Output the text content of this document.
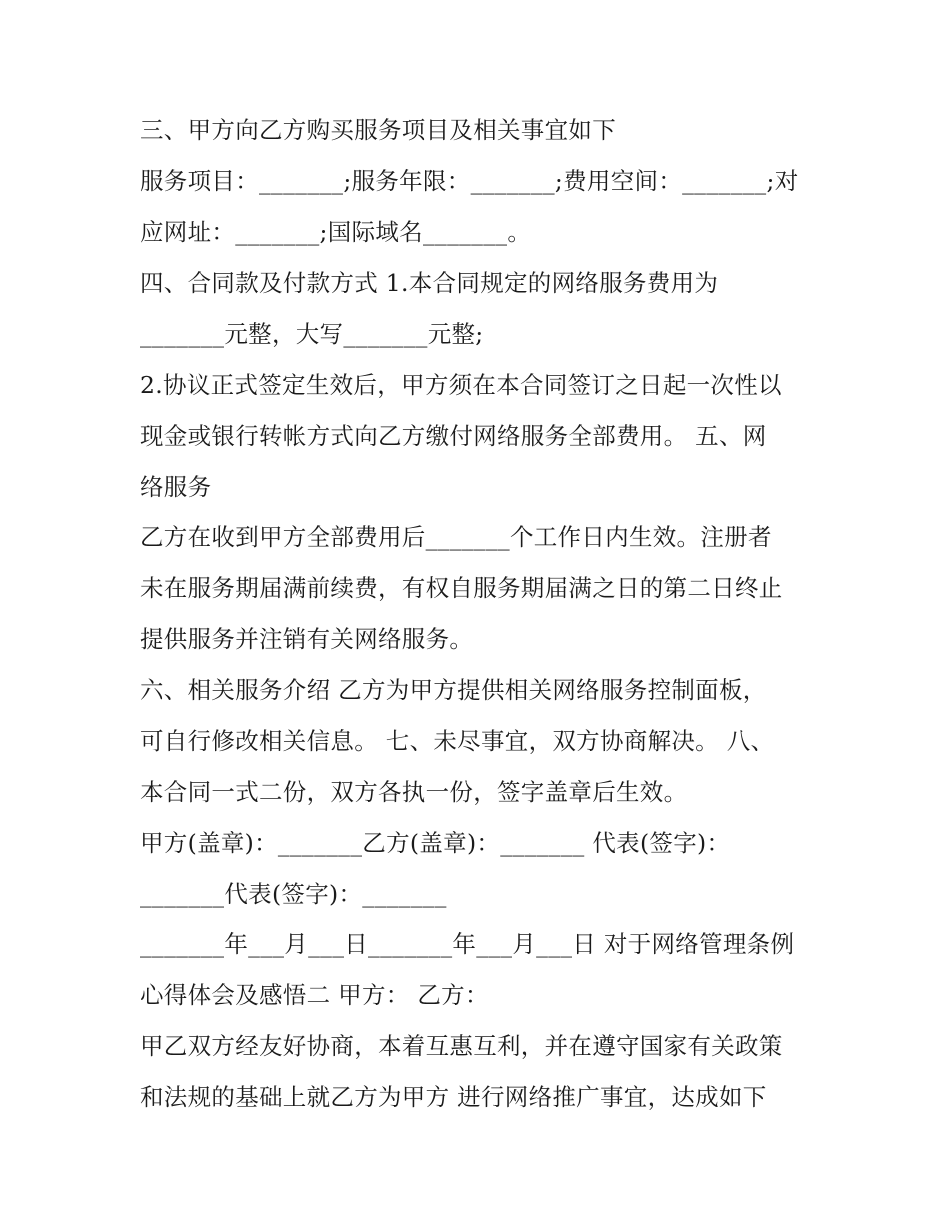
三、甲方向乙方购买服务项目及相关事宜如下
服务项目：_______;服务年限：_______;费用空间：_______;对
应网址：_______;国际域名_______。
四、合同款及付款方式 1.本合同规定的网络服务费用为
_______元整，大写_______元整;
2.协议正式签定生效后，甲方须在本合同签订之日起一次性以
现金或银行转帐方式向乙方缴付网络服务全部费用。 五、网
络服务
乙方在收到甲方全部费用后_______个工作日内生效。注册者
未在服务期届满前续费，有权自服务期届满之日的第二日终止
提供服务并注销有关网络服务。
六、相关服务介绍 乙方为甲方提供相关网络服务控制面板，
可自行修改相关信息。 七、未尽事宜，双方协商解决。 八、
本合同一式二份，双方各执一份，签字盖章后生效。
甲方(盖章)：_______乙方(盖章)：_______ 代表(签字)：
_______代表(签字)：_______
_______年___月___日_______年___月___日 对于网络管理条例
心得体会及感悟二 甲方： 乙方：
甲乙双方经友好协商，本着互惠互利，并在遵守国家有关政策
和法规的基础上就乙方为甲方 进行网络推广事宜，达成如下
